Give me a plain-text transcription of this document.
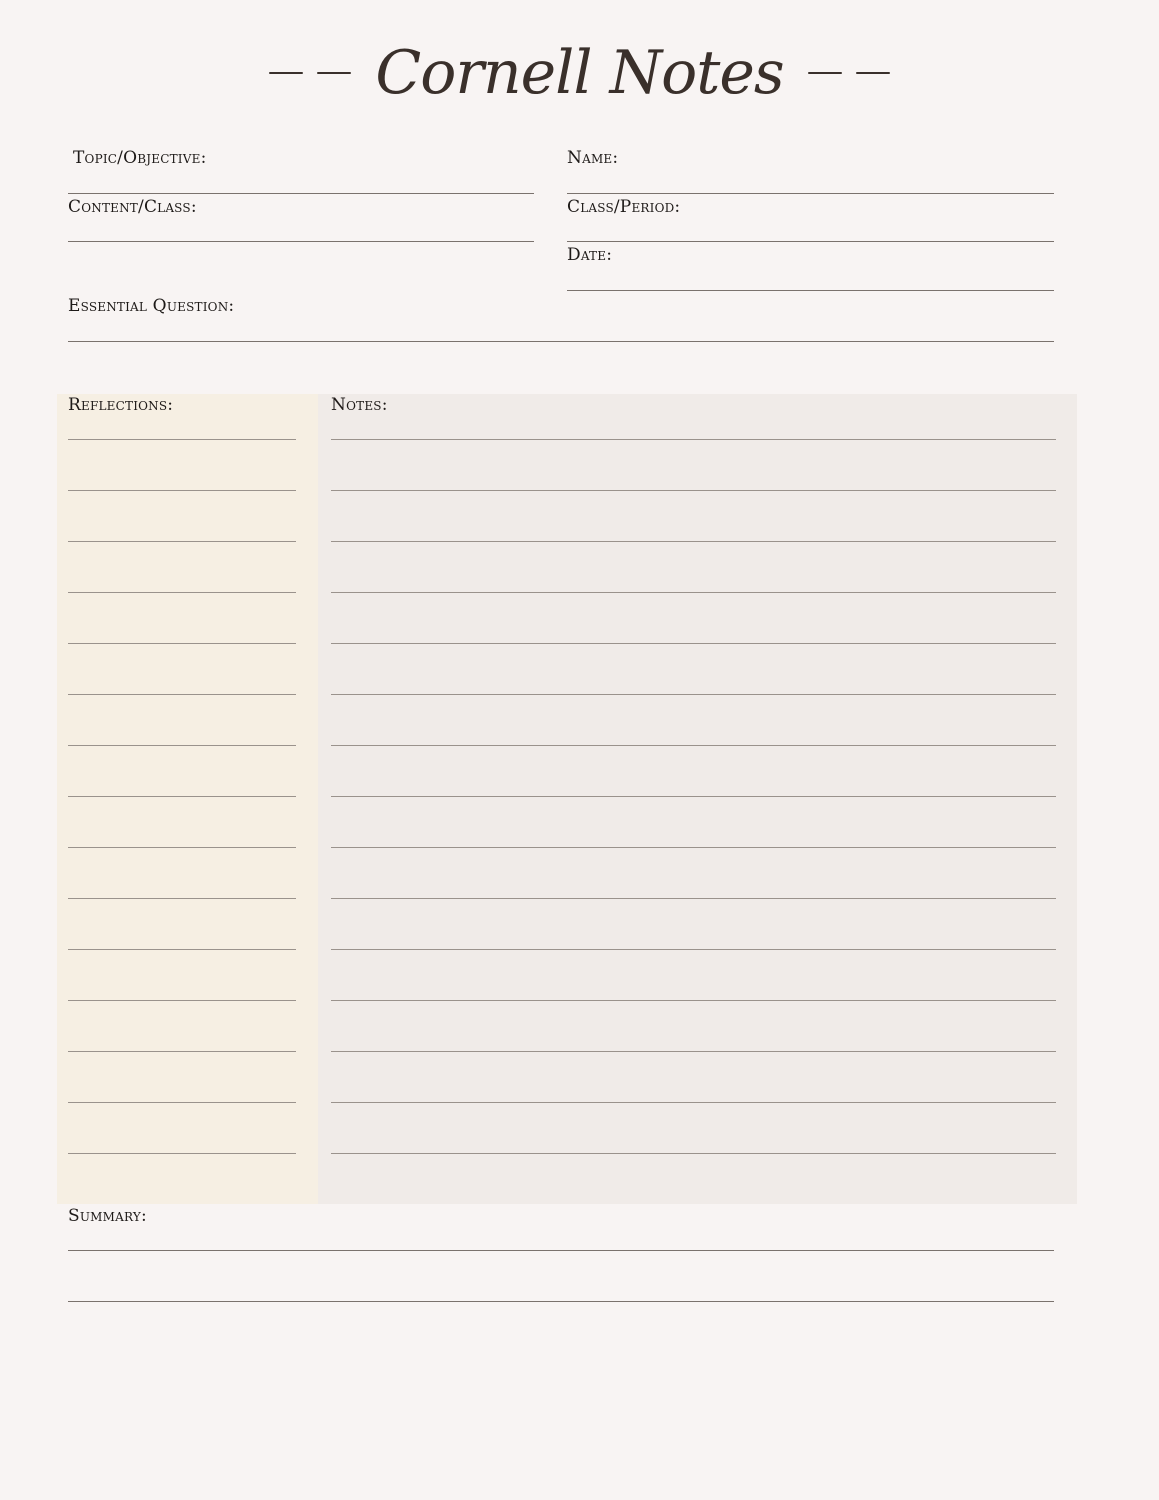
Cornell Notes
Topic/Objective:	Name:
Content/Class:	Class/Period:
Date:
Essential Question:
Reflections:	Notes:
Summary:
